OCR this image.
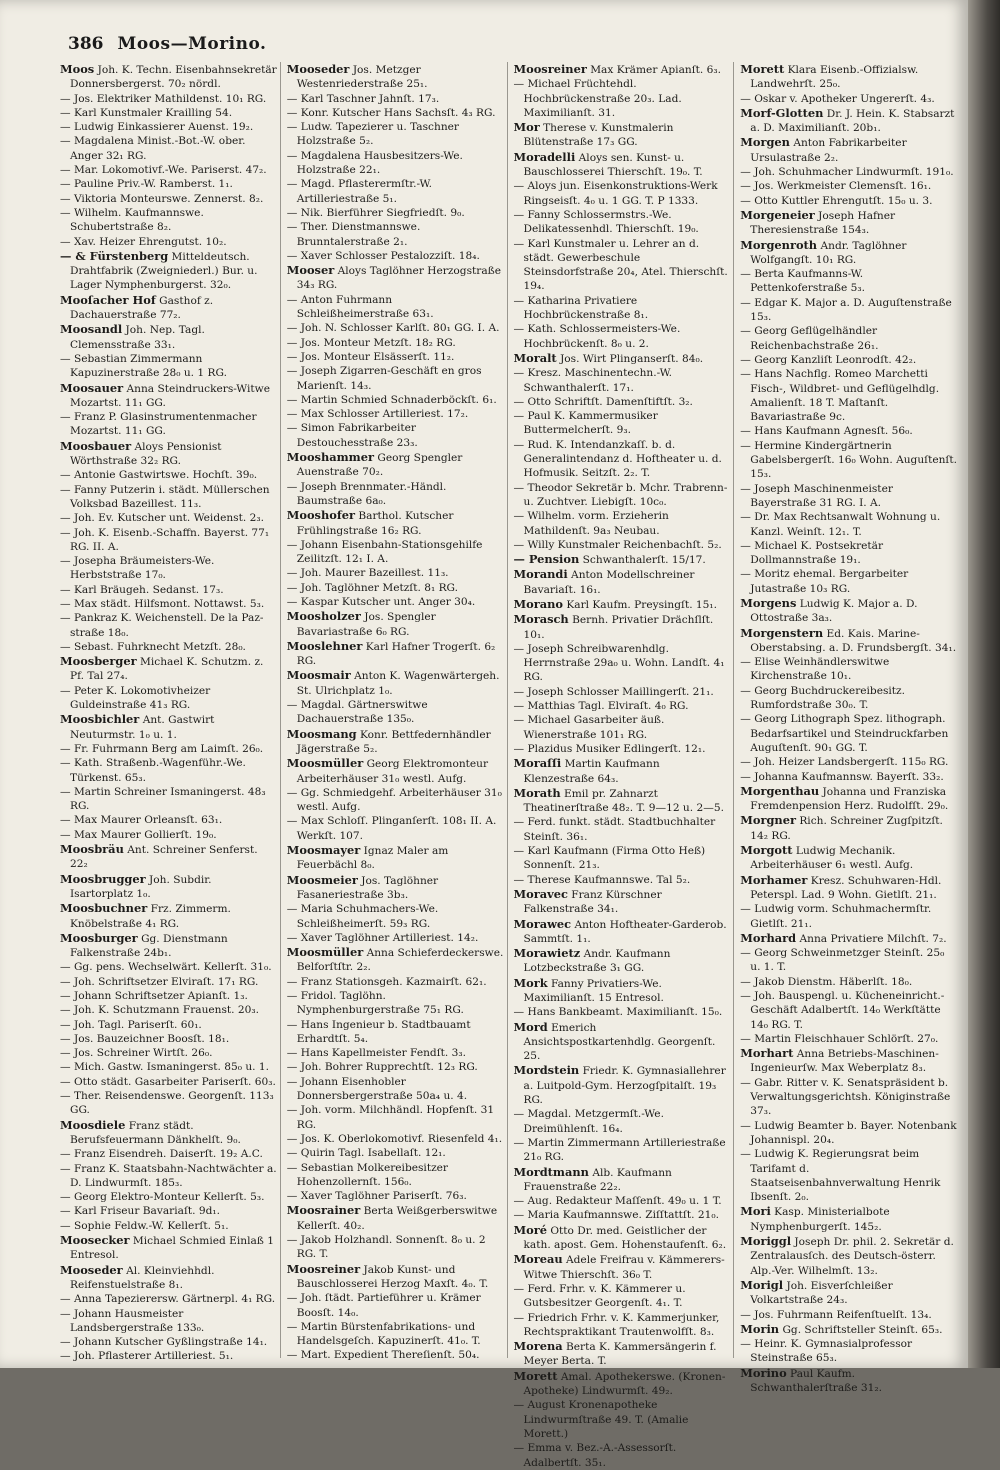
386 Moos—Morino.
Moos Joh. K. Techn. Eisenbahnsekretär Donnersbergerst. 70₂ nördl.
— Jos. Elektriker Mathildenst. 10₁ RG.
— Karl Kunstmaler Krailling 54.
— Ludwig Einkassierer Auenst. 19₂.
— Magdalena Minist.-Bot.-W. ober. Anger 32₁ RG.
— Mar. Lokomotivf.-We. Pariserst. 47₂.
— Pauline Priv.-W. Ramberst. 1₁.
— Viktoria Monteurswe. Zennerst. 8₂.
— Wilhelm. Kaufmannswe. Schubertstraße 8₂.
— Xav. Heizer Ehrengutst. 10₂.
— & Fürstenberg Mitteldeutsch. Drahtfabrik (Zweigniederl.) Bur. u. Lager Nymphenburgerst. 32₀.
Mooſacher Hof Gasthof z. Dachauerstraße 77₂.
Moosandl Joh. Nep. Tagl. Clemensstraße 33₁.
— Sebastian Zimmermann Kapuzinerstraße 28₀ u. 1 RG.
Moosauer Anna Steindruckers-Witwe Mozartst. 11₁ GG.
— Franz P. Glasinstrumentenmacher Mozartst. 11₁ GG.
Moosbauer Aloys Pensionist Wörthstraße 32₂ RG.
— Antonie Gastwirtswe. Hochſt. 39₀.
— Fanny Putzerin i. städt. Müllerschen Volksbad Bazeillest. 11₃.
— Joh. Ev. Kutscher unt. Weidenst. 2₃.
— Joh. K. Eisenb.-Schaffn. Bayerst. 77₁ RG. II. A.
— Josepha Bräumeisters-We. Herbststraße 17₀.
— Karl Bräugeh. Sedanst. 17₃.
— Max städt. Hilfsmont. Nottawst. 5₃.
— Pankraz K. Weichenstell. De la Paz-straße 18₀.
— Sebast. Fuhrknecht Metzſt. 28₀.
Moosberger Michael K. Schutzm. z. Pf. Tal 27₄.
— Peter K. Lokomotivheizer Guldeinstraße 41₃ RG.
Moosbichler Ant. Gastwirt Neuturmstr. 1₀ u. 1.
— Fr. Fuhrmann Berg am Laimſt. 26₀.
— Kath. Straßenb.-Wagenführ.-We. Türkenst. 65₃.
— Martin Schreiner Ismaningerst. 48₃ RG.
— Max Maurer Orleansſt. 63₁.
— Max Maurer Gollierſt. 19₀.
Moosbräu Ant. Schreiner Senferst. 22₂
Moosbrugger Joh. Subdir. Isartorplatz 1₀.
Moosbuchner Frz. Zimmerm. Knöbelstraße 4₁ RG.
Moosburger Gg. Dienstmann Falkenstraße 24b₁.
— Gg. pens. Wechselwärt. Kellerſt. 31₀.
— Joh. Schriftsetzer Elviraſt. 17₁ RG.
— Johann Schriftsetzer Apianſt. 1₃.
— Joh. K. Schutzmann Frauenst. 20₃.
— Joh. Tagl. Pariserſt. 60₁.
— Jos. Bauzeichner Boosſt. 18₁.
— Jos. Schreiner Wirtſt. 26₀.
— Mich. Gastw. Ismaningerst. 85₀ u. 1.
— Otto städt. Gasarbeiter Pariserſt. 60₃.
— Ther. Reisendenswe. Georgenſt. 113₃ GG.
Moosdiele Franz städt. Berufsfeuermann Dänkhelſt. 9₀.
— Franz Eisendreh. Daiserſt. 19₂ A.C.
— Franz K. Staatsbahn-Nachtwächter a. D. Lindwurmſt. 185₃.
— Georg Elektro-Monteur Kellerſt. 5₃.
— Karl Friseur Bavariaſt. 9d₁.
— Sophie Feldw.-W. Kellerſt. 5₁.
Moosecker Michael Schmied Einlaß 1 Entresol.
Mooseder Al. Kleinviehhdl. Reifenstuelstraße 8₁.
— Anna Tapezierersw. Gärtnerpl. 4₁ RG.
— Johann Hausmeister Landsbergerstraße 133₀.
— Johann Kutscher Gyßlingstraße 14₁.
— Joh. Pflasterer Artilleriest. 5₁.
Mooseder Jos. Metzger Westenriederstraße 25₁.
— Karl Taschner Jahnſt. 17₃.
— Konr. Kutscher Hans Sachsſt. 4₃ RG.
— Ludw. Tapezierer u. Taschner Holzstraße 5₂.
— Magdalena Hausbesitzers-We. Holzstraße 22₁.
— Magd. Pflasterermſtr.-W. Artilleriestraße 5₁.
— Nik. Bierführer Siegfriedſt. 9₀.
— Ther. Dienstmannswe. Brunntalerstraße 2₁.
— Xaver Schlosser Pestalozziſt. 18₄.
Mooser Aloys Taglöhner Herzogstraße 34₃ RG.
— Anton Fuhrmann Schleißheimerstraße 63₁.
— Joh. N. Schlosser Karlſt. 80₁ GG. I. A.
— Jos. Monteur Metzſt. 18₂ RG.
— Jos. Monteur Elsässerſt. 11₂.
— Joseph Zigarren-Geschäft en gros Marienſt. 14₃.
— Martin Schmied Schnaderböckſt. 6₁.
— Max Schlosser Artilleriest. 17₂.
— Simon Fabrikarbeiter Destouchesstraße 23₃.
Mooshammer Georg Spengler Auenstraße 70₂.
— Joseph Brennmater.-Händl. Baumstraße 6a₀.
Mooshofer Barthol. Kutscher Frühlingstraße 16₂ RG.
— Johann Eisenbahn-Stationsgehilfe Zeilitzſt. 12₁ I. A.
— Joh. Maurer Bazeillest. 11₃.
— Joh. Taglöhner Metzſt. 8₁ RG.
— Kaspar Kutscher unt. Anger 30₄.
Moosholzer Jos. Spengler Bavariastraße 6₀ RG.
Mooslehner Karl Hafner Trogerſt. 6₂ RG.
Moosmair Anton K. Wagenwärtergeh. St. Ulrichplatz 1₀.
— Magdal. Gärtnerswitwe Dachauerstraße 135₀.
Moosmang Konr. Bettfedernhändler Jägerstraße 5₂.
Moosmüller Georg Elektromonteur Arbeiterhäuser 31₀ westl. Aufg.
— Gg. Schmiedgehf. Arbeiterhäuser 31₀ westl. Aufg.
— Max Schloſſ. Plinganſerſt. 108₁ II. A. Werkſt. 107.
Moosmayer Ignaz Maler am Feuerbächl 8₀.
Moosmeier Jos. Taglöhner Fasaneriestraße 3b₃.
— Maria Schuhmachers-We. Schleißheimerſt. 59₃ RG.
— Xaver Taglöhner Artilleriest. 14₂.
Moosmüller Anna Schieferdeckerswe. Belforſtſtr. 2₂.
— Franz Stationsgeh. Kazmairſt. 62₁.
— Fridol. Taglöhn. Nymphenburgerstraße 75₁ RG.
— Hans Ingenieur b. Stadtbauamt Erhardtſt. 5₄.
— Hans Kapellmeister Fendſt. 3₃.
— Joh. Bohrer Rupprechtſt. 12₃ RG.
— Johann Eisenhobler Donnersbergerstraße 50a₄ u. 4.
— Joh. vorm. Milchhändl. Hopfenſt. 31 RG.
— Jos. K. Oberlokomotivf. Riesenfeld 4₁.
— Quirin Tagl. Isabellaſt. 12₁.
— Sebastian Molkereibesitzer Hohenzollernſt. 156₀.
— Xaver Taglöhner Pariserſt. 76₃.
Moosrainer Berta Weißgerberswitwe Kellerſt. 40₂.
— Jakob Holzhandl. Sonnenſt. 8₀ u. 2 RG. T.
Moosreiner Jakob Kunst- und Bauschlosserei Herzog Maxſt. 4₀. T.
— Joh. ſtädt. Partieführer u. Krämer Boosſt. 14₀.
— Martin Bürstenfabrikations- und Handelsgeſch. Kapuzinerſt. 41₀. T.
— Mart. Expedient Thereſienſt. 50₄.
Moosreiner Max Krämer Apianſt. 6₃.
— Michael Früchtehdl. Hochbrückenstraße 20₃. Lad. Maximilianſt. 31.
Mor Therese v. Kunstmalerin Blütenstraße 17₃ GG.
Moradelli Aloys sen. Kunst- u. Bauschlosserei Thierschſt. 19₀. T.
— Aloys jun. Eisenkonstruktions-Werk Ringseisſt. 4₀ u. 1 GG. T. P 1333.
— Fanny Schlossermstrs.-We. Delikatessenhdl. Thierschſt. 19₀.
— Karl Kunstmaler u. Lehrer an d. städt. Gewerbeschule Steinsdorfstraße 20₄, Atel. Thierschſt. 19₄.
— Katharina Privatiere Hochbrückenstraße 8₁.
— Kath. Schlossermeisters-We. Hochbrückenſt. 8₀ u. 2.
Moralt Jos. Wirt Plinganserſt. 84₀.
— Kresz. Maschinentechn.-W. Schwanthalerſt. 17₁.
— Otto Schriftſt. Damenſtiftſt. 3₂.
— Paul K. Kammermusiker Buttermelcherſt. 9₃.
— Rud. K. Intendanzkaſſ. b. d. Generalintendanz d. Hoftheater u. d. Hofmusik. Seitzſt. 2₂. T.
— Theodor Sekretär b. Mchr. Trabrenn- u. Zuchtver. Liebigſt. 10c₀.
— Wilhelm. vorm. Erzieherin Mathildenſt. 9a₃ Neubau.
— Willy Kunstmaler Reichenbachſt. 5₂.
— Pension Schwanthalerſt. 15/17.
Morandi Anton Modellschreiner Bavariaſt. 16₁.
Morano Karl Kaufm. Preysingſt. 15₁.
Morasch Bernh. Privatier Drächſlſt. 10₁.
— Joseph Schreibwarenhdlg. Herrnstraße 29a₀ u. Wohn. Landſt. 4₁ RG.
— Joseph Schlosser Maillingerſt. 21₁.
— Matthias Tagl. Elviraſt. 4₀ RG.
— Michael Gasarbeiter äuß. Wienerstraße 101₁ RG.
— Plazidus Musiker Edlingerſt. 12₁.
Moraſſi Martin Kaufmann Klenzestraße 64₃.
Morath Emil pr. Zahnarzt Theatinerſtraße 48₂. T. 9—12 u. 2—5.
— Ferd. funkt. städt. Stadtbuchhalter Steinſt. 36₁.
— Karl Kaufmann (Firma Otto Heß) Sonnenſt. 21₃.
— Therese Kaufmannswe. Tal 5₂.
Moravec Franz Kürschner Falkenstraße 34₁.
Morawec Anton Hoftheater-Garderob. Sammtſt. 1₁.
Morawietz Andr. Kaufmann Lotzbeckstraße 3₁ GG.
Mork Fanny Privatiers-We. Maximilianſt. 15 Entresol.
— Hans Bankbeamt. Maximilianſt. 15₀.
Mord Emerich Ansichtspostkartenhdlg. Georgenſt. 25.
Mordstein Friedr. K. Gymnasiallehrer a. Luitpold-Gym. Herzogſpitalſt. 19₃ RG.
— Magdal. Metzgermſt.-We. Dreimühlenſt. 16₄.
— Martin Zimmermann Artilleriestraße 21₀ RG.
Mordtmann Alb. Kaufmann Frauenstraße 22₂.
— Aug. Redakteur Maſſenſt. 49₀ u. 1 T.
— Maria Kaufmannswe. Ziſſtattſt. 21₀.
Moré Otto Dr. med. Geistlicher der kath. apost. Gem. Hohenstaufenſt. 6₂.
Moreau Adele Freifrau v. Kämmerers-Witwe Thierschſt. 36₀ T.
— Ferd. Frhr. v. K. Kämmerer u. Gutsbesitzer Georgenſt. 4₁. T.
— Friedrich Frhr. v. K. Kammerjunker, Rechtspraktikant Trautenwolfſt. 8₃.
Morena Berta K. Kammersängerin f. Meyer Berta. T.
Morett Amal. Apothekerswe. (Kronen-Apotheke) Lindwurmſt. 49₂.
— August Kronenapotheke Lindwurmſtraße 49. T. (Amalie Morett.)
— Emma v. Bez.-A.-Assessorſt. Adalbertſt. 35₁.
Morett Klara Eisenb.-Offizialsw. Landwehrſt. 25₀.
— Oskar v. Apotheker Ungererſt. 4₃.
Morf-Glotten Dr. J. Hein. K. Stabsarzt a. D. Maximilianſt. 20b₁.
Morgen Anton Fabrikarbeiter Ursulastraße 2₂.
— Joh. Schuhmacher Lindwurmſt. 191₀.
— Jos. Werkmeister Clemensſt. 16₁.
— Otto Kuttler Ehrengutſt. 15₀ u. 3.
Morgeneier Joseph Hafner Theresienstraße 154₃.
Morgenroth Andr. Taglöhner Wolfgangſt. 10₁ RG.
— Berta Kaufmanns-W. Pettenkoferstraße 5₃.
— Edgar K. Major a. D. Auguſtenstraße 15₃.
— Georg Geflügelhändler Reichenbachstraße 26₁.
— Georg Kanzliſt Leonrodſt. 42₂.
— Hans Nachflg. Romeo Marchetti Fisch-, Wildbret- und Geflügelhdlg. Amalienſt. 18 T. Maſtanſt. Bavariastraße 9c.
— Hans Kaufmann Agnesſt. 56₀.
— Hermine Kindergärtnerin Gabelsbergerſt. 16₀ Wohn. Auguſtenſt. 15₃.
— Joseph Maschinenmeister Bayerstraße 31 RG. I. A.
— Dr. Max Rechtsanwalt Wohnung u. Kanzl. Weinſt. 12₁. T.
— Michael K. Postsekretär Dollmannstraße 19₁.
— Moritz ehemal. Bergarbeiter Jutastraße 10₃ RG.
Morgens Ludwig K. Major a. D. Ottostraße 3a₃.
Morgenstern Ed. Kais. Marine-Oberstabsing. a. D. Frundsbergſt. 34₁.
— Elise Weinhändlerswitwe Kirchenstraße 10₁.
— Georg Buchdruckereibesitz. Rumfordstraße 30₀. T.
— Georg Lithograph Spez. lithograph. Bedarfsartikel und Steindruckfarben Auguſtenſt. 90₁ GG. T.
— Joh. Heizer Landsbergerſt. 115₀ RG.
— Johanna Kaufmannsw. Bayerſt. 33₂.
Morgenthau Johanna und Franziska Fremdenpension Herz. Rudolfſt. 29₀.
Morgner Rich. Schreiner Zugſpitzſt. 14₂ RG.
Morgott Ludwig Mechanik. Arbeiterhäuser 6₁ westl. Aufg.
Morhamer Kresz. Schuhwaren-Hdl. Peterspl. Lad. 9 Wohn. Gietlſt. 21₁.
— Ludwig vorm. Schuhmachermſtr. Gietlſt. 21₁.
Morhard Anna Privatiere Milchſt. 7₂.
— Georg Schweinmetzger Steinſt. 25₀ u. 1. T.
— Jakob Dienstm. Häberlſt. 18₀.
— Joh. Bauspengl. u. Kücheneinricht.-Geschäft Adalbertſt. 14₀ Werkſtätte 14₀ RG. T.
— Martin Fleischhauer Schlörſt. 27₀.
Morhart Anna Betriebs-Maschinen-Ingenieurſw. Max Weberplatz 8₃.
— Gabr. Ritter v. K. Senatspräsident b. Verwaltungsgerichtsh. Königinstraße 37₃.
— Ludwig Beamter b. Bayer. Notenbank Johannispl. 20₄.
— Ludwig K. Regierungsrat beim Tarifamt d. Staatseisenbahnverwaltung Henrik Ibsenſt. 2₀.
Mori Kasp. Ministerialbote Nymphenburgerſt. 145₂.
Moriggl Joseph Dr. phil. 2. Sekretär d. Zentralausſch. des Deutsch-österr. Alp.-Ver. Wilhelmſt. 13₂.
Morigl Joh. Eisverſchleißer Volkartstraße 24₃.
— Jos. Fuhrmann Reifenſtuelſt. 13₄.
Morin Gg. Schriftsteller Steinſt. 65₃.
— Heinr. K. Gymnasialprofessor Steinstraße 65₃.
Morino Paul Kaufm. Schwanthalerſtraße 31₂.
